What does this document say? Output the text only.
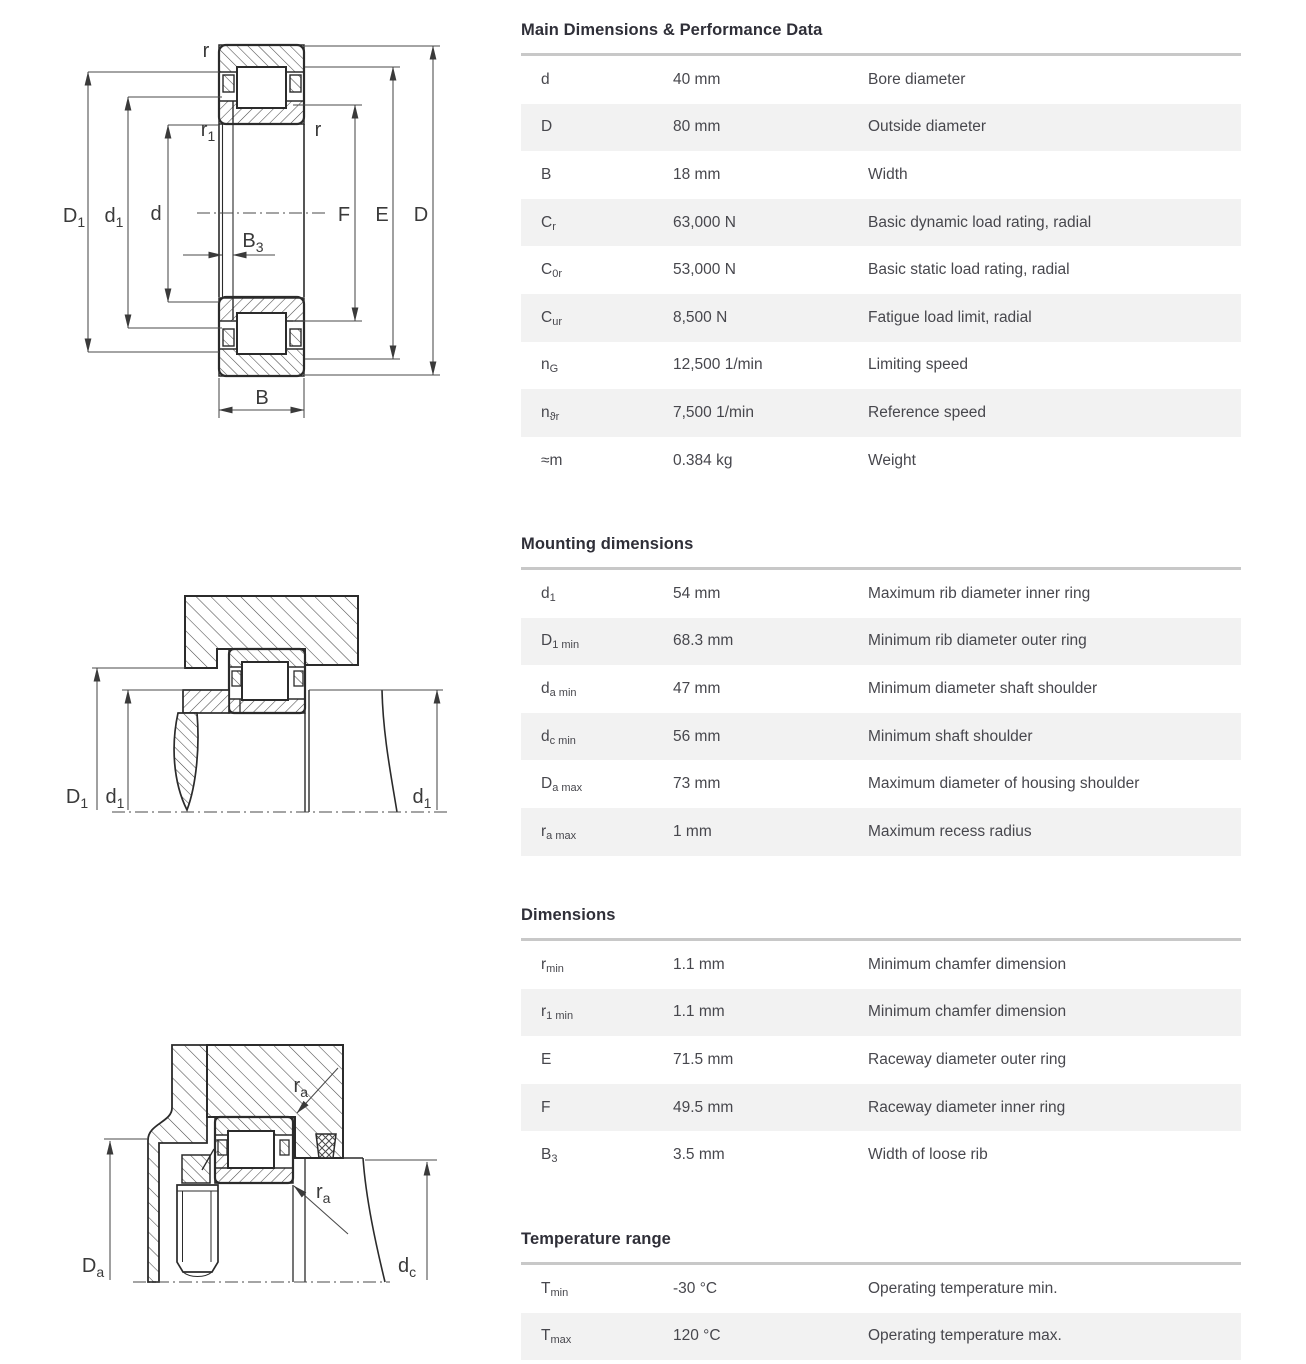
r
$r_1$	r
$D_1$ $d_1$ d
$B_3$
F E D
B
$D_1$ $d_1$	$d_1$
$r_a$
$r_a$
$D_a$	$d_c$
Main Dimensions & Performance Data
d	40 mm	Bore diameter
D	80 mm	Outside diameter
B	18 mm	Width
Cr	63,000 N	Basic dynamic load rating, radial
C0r	53,000 N	Basic static load rating, radial
Cur	8,500 N	Fatigue load limit, radial
nG	12,500 1/min	Limiting speed
nϑr	7,500 1/min	Reference speed
≈m	0.384 kg	Weight
Mounting dimensions
d1	54 mm	Maximum rib diameter inner ring
D1 min	68.3 mm	Minimum rib diameter outer ring
da min	47 mm	Minimum diameter shaft shoulder
dc min	56 mm	Minimum shaft shoulder
Da max	73 mm	Maximum diameter of housing shoulder
ra max	1 mm	Maximum recess radius
Dimensions
rmin	1.1 mm	Minimum chamfer dimension
r1 min	1.1 mm	Minimum chamfer dimension
E	71.5 mm	Raceway diameter outer ring
F	49.5 mm	Raceway diameter inner ring
B3	3.5 mm	Width of loose rib
Temperature range
Tmin	-30 °C	Operating temperature min.
Tmax	120 °C	Operating temperature max.
